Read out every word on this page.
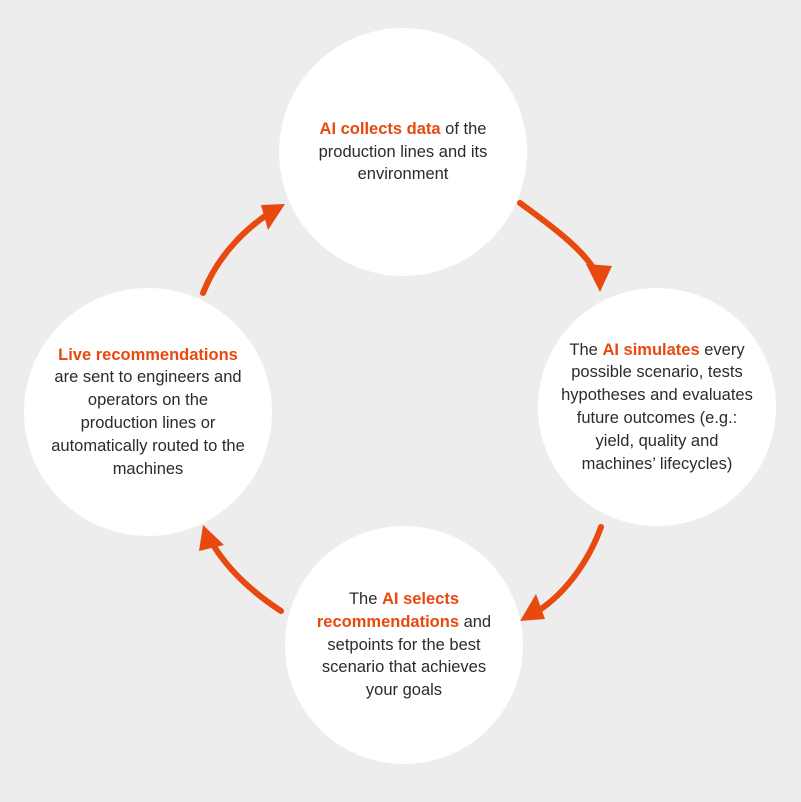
AI collects data of the production lines and its environment
The AI simulates every possible scenario, tests hypotheses and evaluates future outcomes (e.g.: yield, quality and machines’ lifecycles)
The AI selects recommendations and setpoints for the best scenario that achieves your goals
Live recommendations are sent to engineers and operators on the production lines or automatically routed to the machines
